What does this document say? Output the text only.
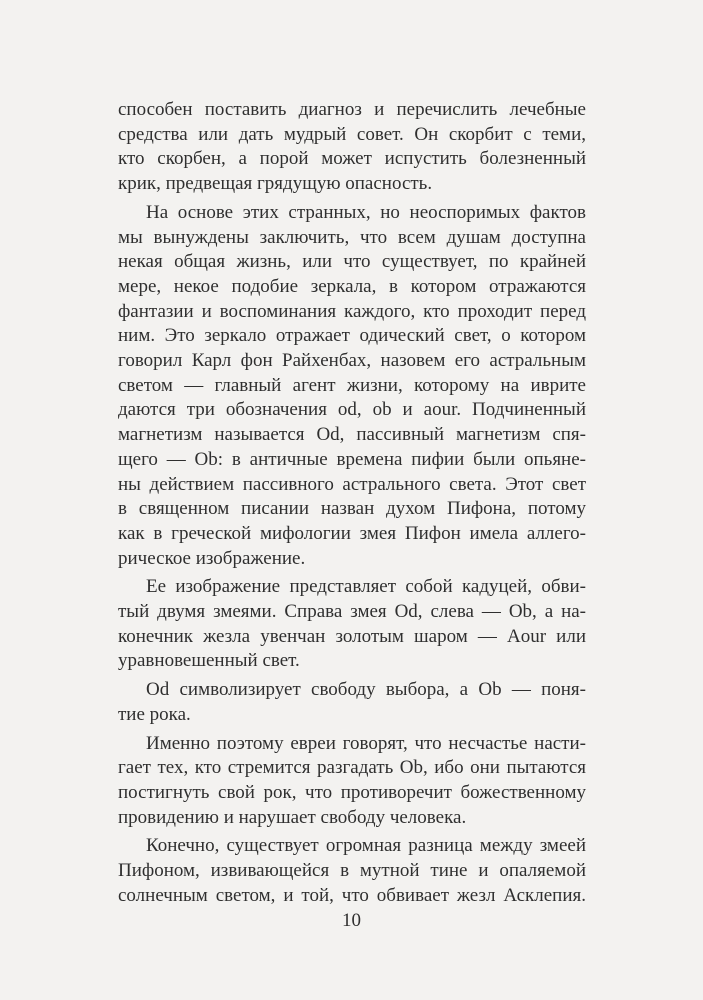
способен поставить диагноз и перечислить лечебные
средства или дать мудрый совет. Он скорбит с теми,
кто скорбен, а порой может испустить болезненный
крик, предвещая грядущую опасность.

На основе этих странных, но неоспоримых фактов
мы вынуждены заключить, что всем душам доступна
некая общая жизнь, или что существует, по крайней
мере, некое подобие зеркала, в котором отражаются
фантазии и воспоминания каждого, кто проходит перед
ним. Это зеркало отражает одический свет, о котором
говорил Карл фон Райхенбах, назовем его астральным
светом — главный агент жизни, которому на иврите
даются три обозначения od, ob и aour. Подчиненный
магнетизм называется Od, пассивный магнетизм спя-
щего — Ob: в античные времена пифии были опьяне-
ны действием пассивного астрального света. Этот свет
в священном писании назван духом Пифона, потому
как в греческой мифологии змея Пифон имела аллего-
рическое изображение.

Ее изображение представляет собой кадуцей, обви-
тый двумя змеями. Справа змея Od, слева — Ob, а на-
конечник жезла увенчан золотым шаром — Aour или
уравновешенный свет.

Od символизирует свободу выбора, а Ob — поня-
тие рока.

Именно поэтому евреи говорят, что несчастье насти-
гает тех, кто стремится разгадать Ob, ибо они пытаются
постигнуть свой рок, что противоречит божественному
провидению и нарушает свободу человека.

Конечно, существует огромная разница между змеей
Пифоном, извивающейся в мутной тине и опаляемой
солнечным светом, и той, что обвивает жезл Асклепия.

10
